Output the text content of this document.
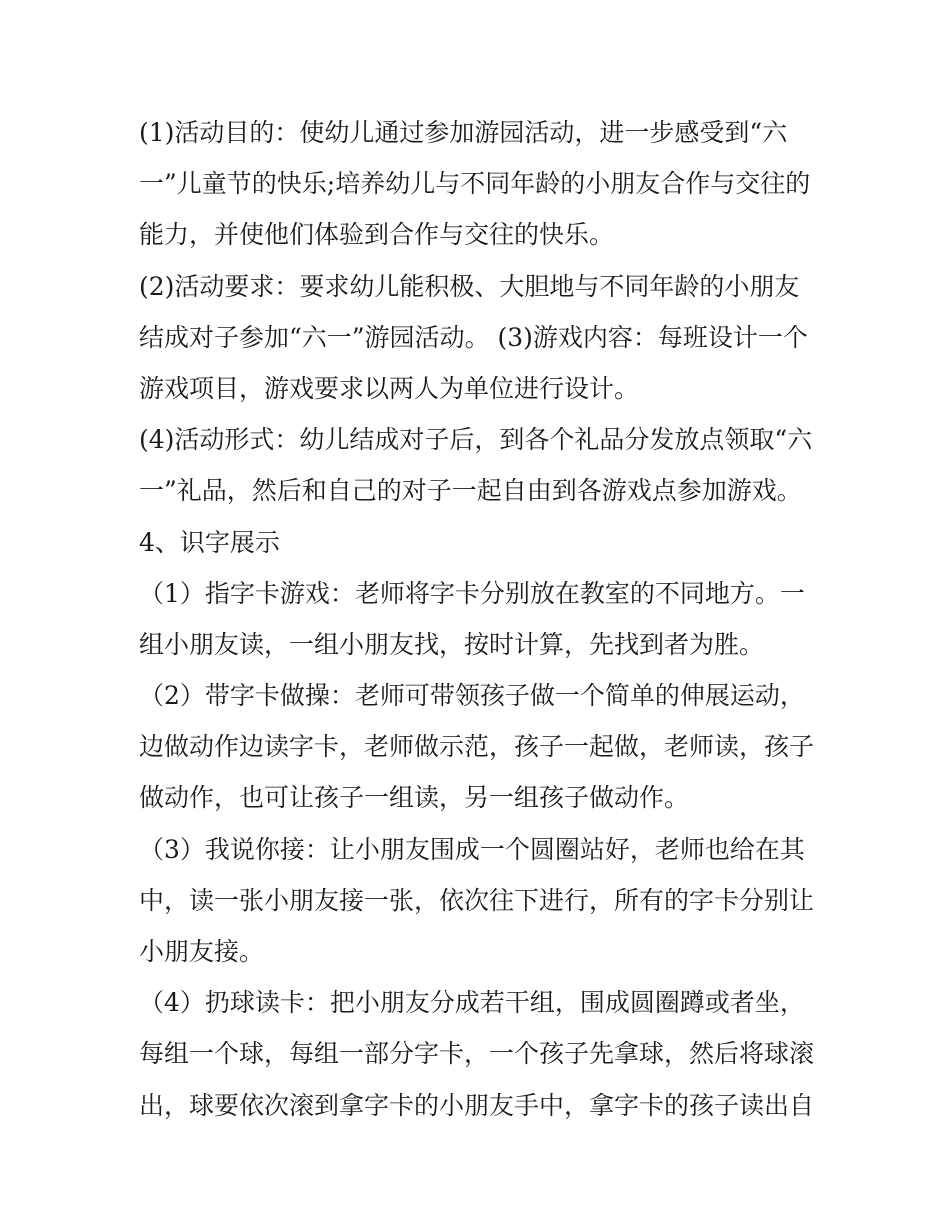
(1)活动目的：使幼儿通过参加游园活动，进一步感受到“六
一”儿童节的快乐;培养幼儿与不同年龄的小朋友合作与交往的
能力，并使他们体验到合作与交往的快乐。
(2)活动要求：要求幼儿能积极、大胆地与不同年龄的小朋友
结成对子参加“六一”游园活动。 (3)游戏内容：每班设计一个
游戏项目，游戏要求以两人为单位进行设计。
(4)活动形式：幼儿结成对子后，到各个礼品分发放点领取“六
一”礼品，然后和自己的对子一起自由到各游戏点参加游戏。
4、识字展示
（1）指字卡游戏：老师将字卡分别放在教室的不同地方。一
组小朋友读，一组小朋友找，按时计算，先找到者为胜。
（2）带字卡做操：老师可带领孩子做一个简单的伸展运动，
边做动作边读字卡，老师做示范，孩子一起做，老师读，孩子
做动作，也可让孩子一组读，另一组孩子做动作。
（3）我说你接：让小朋友围成一个圆圈站好，老师也给在其
中，读一张小朋友接一张，依次往下进行，所有的字卡分别让
小朋友接。
（4）扔球读卡：把小朋友分成若干组，围成圆圈蹲或者坐，
每组一个球，每组一部分字卡，一个孩子先拿球，然后将球滚
出，球要依次滚到拿字卡的小朋友手中，拿字卡的孩子读出自
